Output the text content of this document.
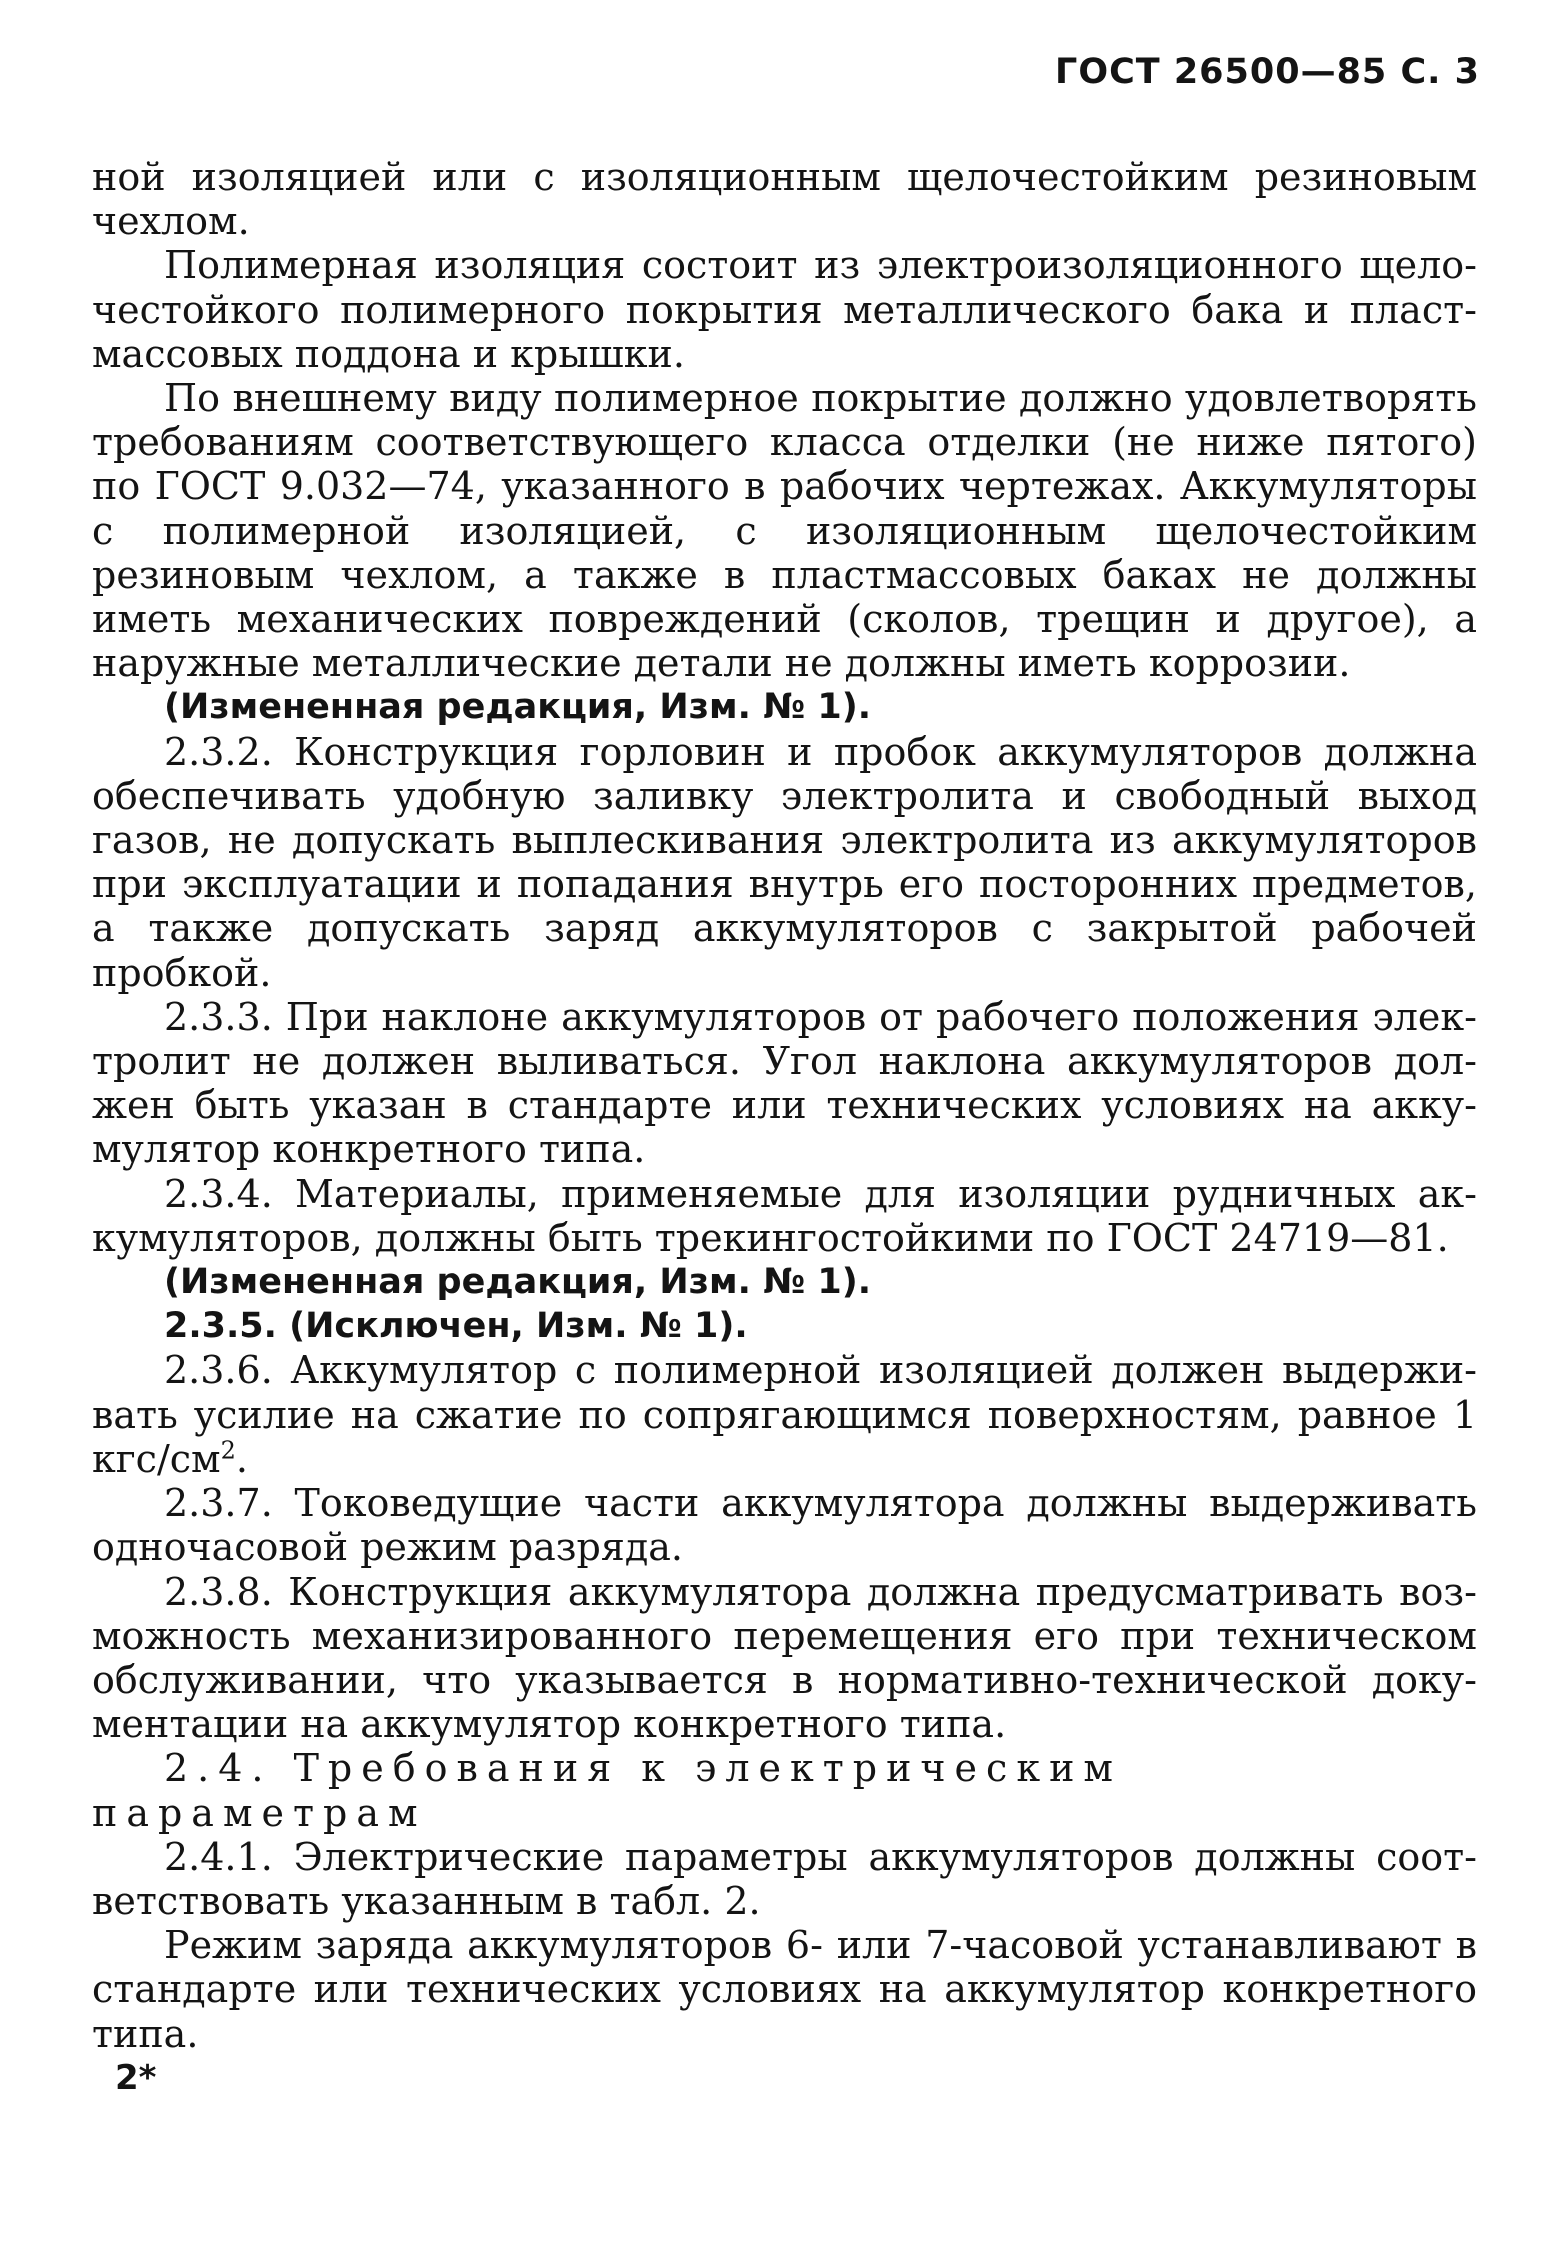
ГОСТ 26500—85 С. 3

ной изоляцией или с изоляционным щелочестойким резиновым чехлом.

Полимерная изоляция состоит из электроизоляционного щелочестойкого полимерного покрытия металлического бака и пластмассовых поддона и крышки.

По внешнему виду полимерное покрытие должно удовлетворять требованиям соответствующего класса отделки (не ниже пятого) по ГОСТ 9.032—74, указанного в рабочих чертежах. Аккумуляторы с полимерной изоляцией, с изоляционным щелочестойким резиновым чехлом, а также в пластмассовых баках не должны иметь механических повреждений (сколов, трещин и другое), а наружные металлические детали не должны иметь коррозии.

(Измененная редакция, Изм. № 1).

2.3.2. Конструкция горловин и пробок аккумуляторов должна обеспечивать удобную заливку электролита и свободный выход газов, не допускать выплескивания электролита из аккумуляторов при эксплуатации и попадания внутрь его посторонних предметов, а также допускать заряд аккумуляторов с закрытой рабочей пробкой.

2.3.3. При наклоне аккумуляторов от рабочего положения электролит не должен выливаться. Угол наклона аккумуляторов должен быть указан в стандарте или технических условиях на аккумулятор конкретного типа.

2.3.4. Материалы, применяемые для изоляции рудничных аккумуляторов, должны быть трекингостойкими по ГОСТ 24719—81.

(Измененная редакция, Изм. № 1).

2.3.5. (Исключен, Изм. № 1).

2.3.6. Аккумулятор с полимерной изоляцией должен выдерживать усилие на сжатие по сопрягающимся поверхностям, равное 1 кгс/$см^2$.

2.3.7. Токоведущие части аккумулятора должны выдерживать одночасовой режим разряда.

2.3.8. Конструкция аккумулятора должна предусматривать возможность механизированного перемещения его при техническом обслуживании, что указывается в нормативно-технической документации на аккумулятор конкретного типа.

2.4. Требования к электрическим параметрам

2.4.1. Электрические параметры аккумуляторов должны соответствовать указанным в табл. 2.

Режим заряда аккумуляторов 6- или 7-часовой устанавливают в стандарте или технических условиях на аккумулятор конкретного типа.

2*
